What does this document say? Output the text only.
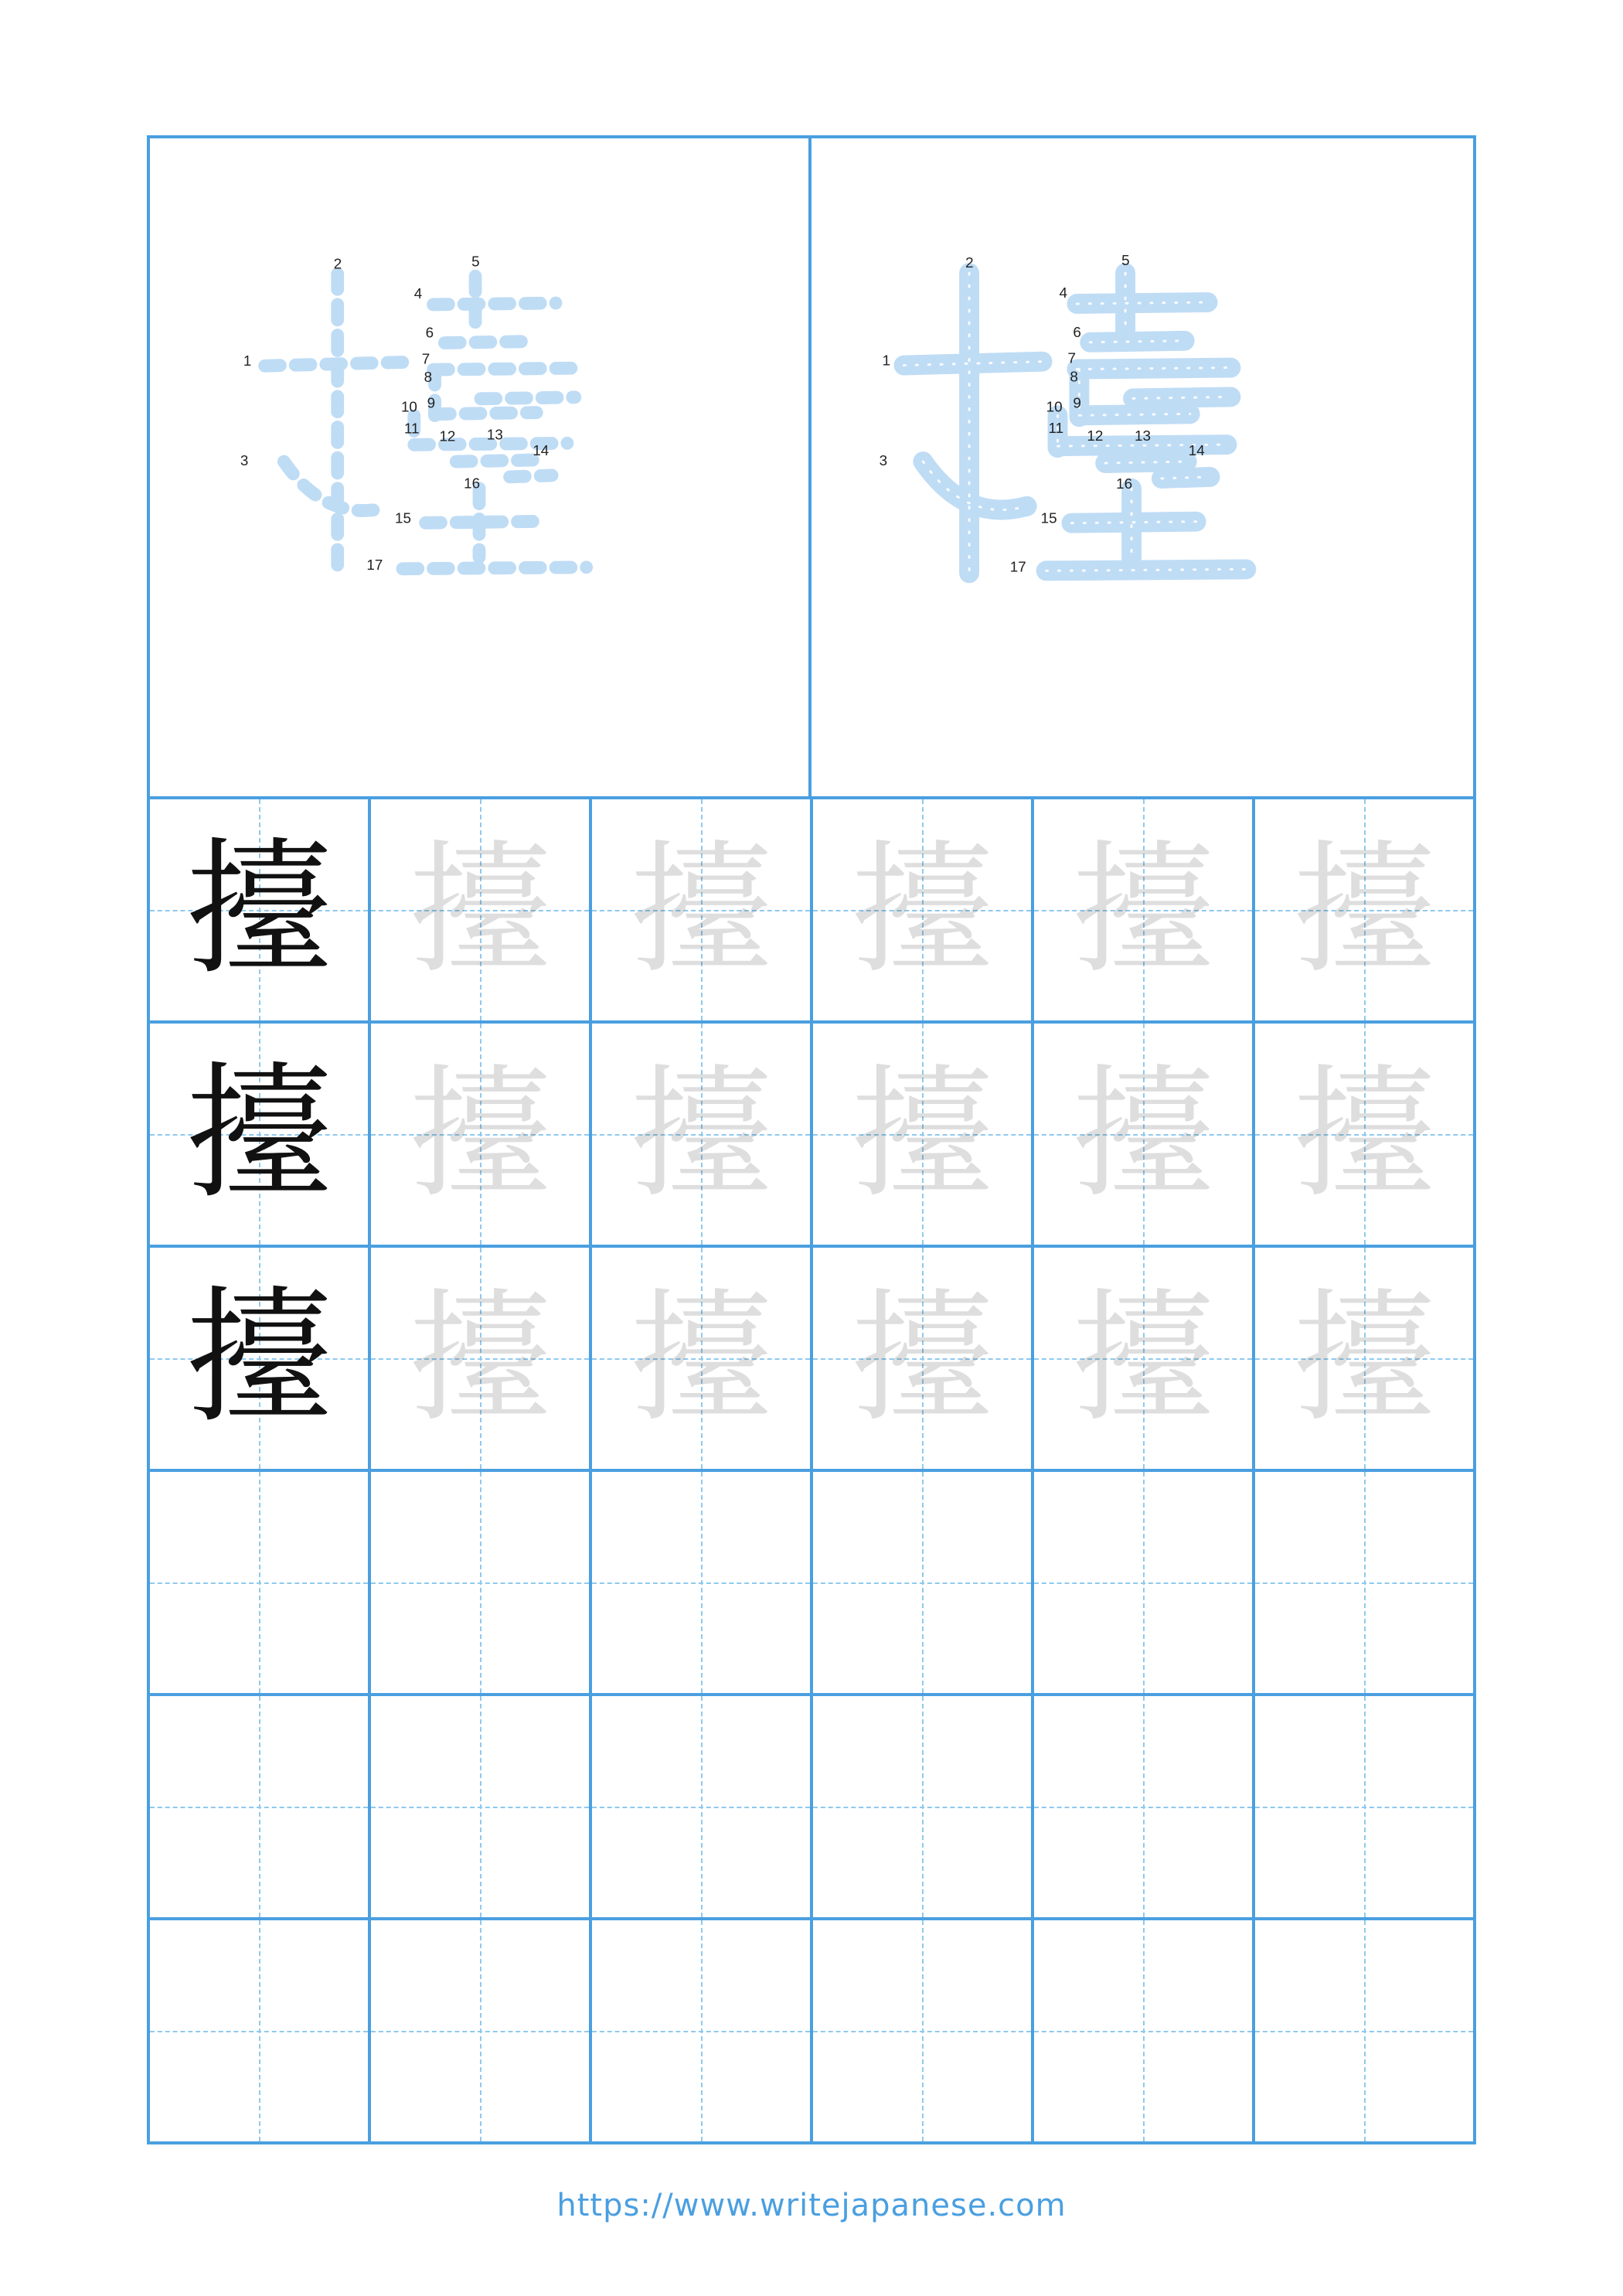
1
2
3
4
5
6
7
8
9
10
11 12 13
14
15
16
17
1
2
3
4
5
6
7
8
9
10
11 12 13
14
15
16
17
擡 擡 擡 擡 擡 擡
擡 擡 擡 擡 擡 擡
擡 擡 擡 擡 擡 擡
https://www.writejapanese.com
